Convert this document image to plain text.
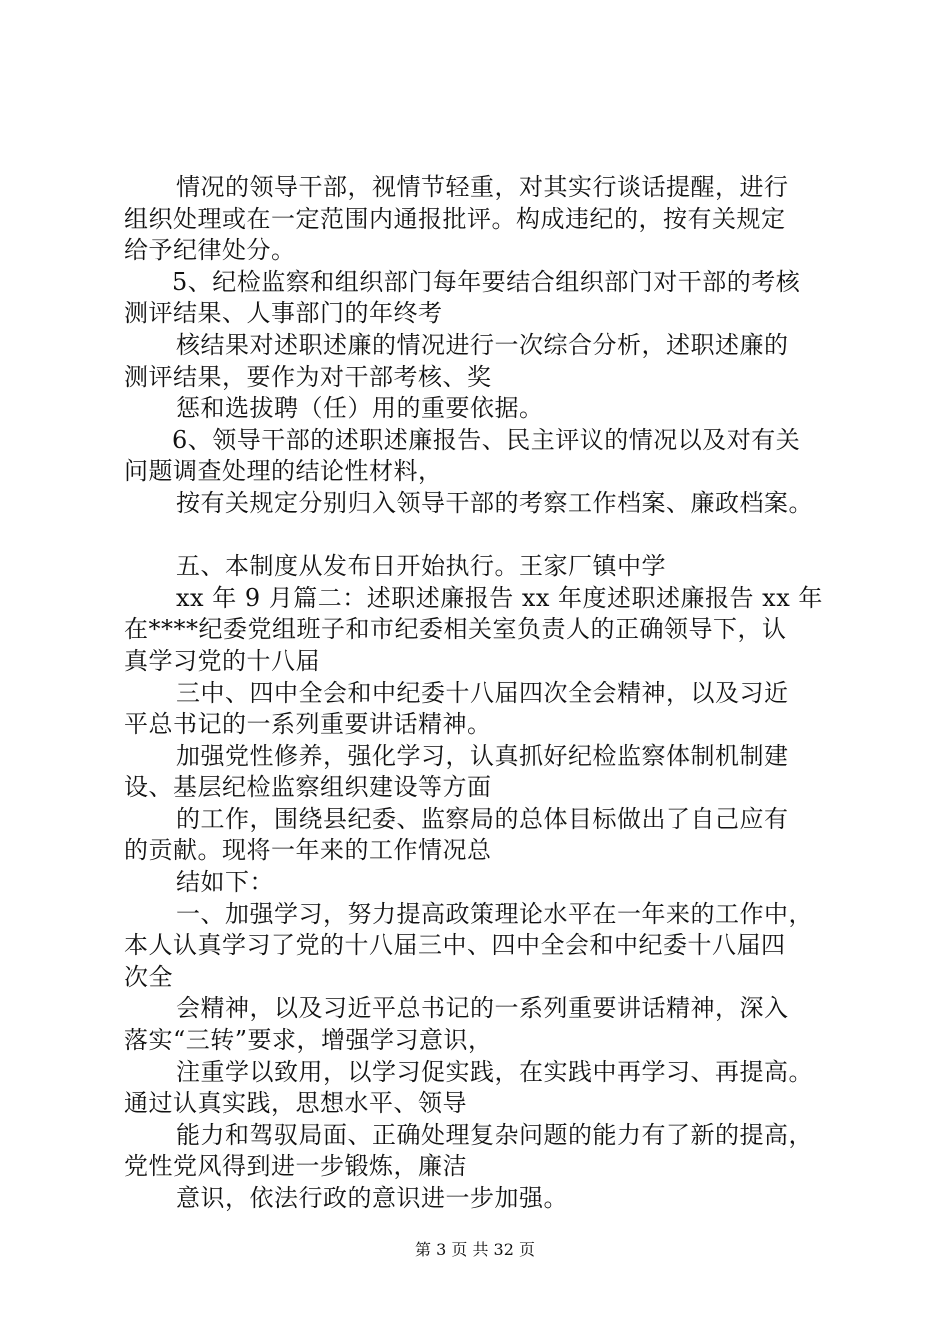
情况的领导干部，视情节轻重，对其实行谈话提醒，进行
组织处理或在一定范围内通报批评。构成违纪的，按有关规定
给予纪律处分。
5、纪检监察和组织部门每年要结合组织部门对干部的考核
测评结果、人事部门的年终考
核结果对述职述廉的情况进行一次综合分析，述职述廉的
测评结果，要作为对干部考核、奖
惩和选拔聘（任）用的重要依据。
6、领导干部的述职述廉报告、民主评议的情况以及对有关
问题调查处理的结论性材料，
按有关规定分别归入领导干部的考察工作档案、廉政档案。
五、本制度从发布日开始执行。王家厂镇中学
xx 年 9 月篇二：述职述廉报告 xx 年度述职述廉报告 xx 年
在****纪委党组班子和市纪委相关室负责人的正确领导下，认
真学习党的十八届
三中、四中全会和中纪委十八届四次全会精神，以及习近
平总书记的一系列重要讲话精神。
加强党性修养，强化学习，认真抓好纪检监察体制机制建
设、基层纪检监察组织建设等方面
的工作，围绕县纪委、监察局的总体目标做出了自己应有
的贡献。现将一年来的工作情况总
结如下：
一、加强学习，努力提高政策理论水平在一年来的工作中，
本人认真学习了党的十八届三中、四中全会和中纪委十八届四
次全
会精神，以及习近平总书记的一系列重要讲话精神，深入
落实“三转”要求，增强学习意识，
注重学以致用，以学习促实践，在实践中再学习、再提高。
通过认真实践，思想水平、领导
能力和驾驭局面、正确处理复杂问题的能力有了新的提高，
党性党风得到进一步锻炼，廉洁
意识，依法行政的意识进一步加强。
第 3 页 共 32 页
